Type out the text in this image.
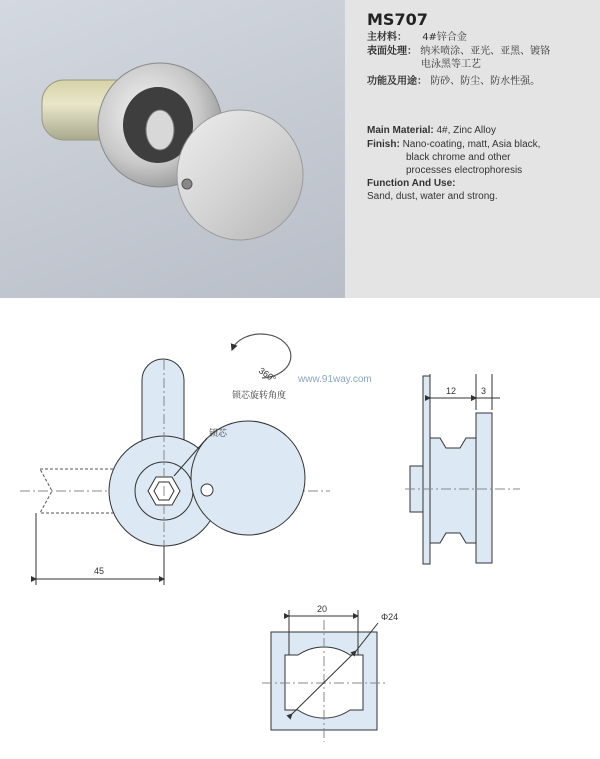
MS707
主材料： 4#锌合金
表面处理： 纳米喷涂、亚光、亚黑、镀铬
电泳黑等工艺
功能及用途： 防砂、防尘、防水性强。
Main Material: 4#, Zinc Alloy
Finish: Nano-coating, matt, Asia black,
black chrome and other
processes electrophoresis
Function And Use:
Sand, dust, water and strong.
360°
锁芯旋转角度
锁芯
www.91way.com
45
12	3
20
Φ24
